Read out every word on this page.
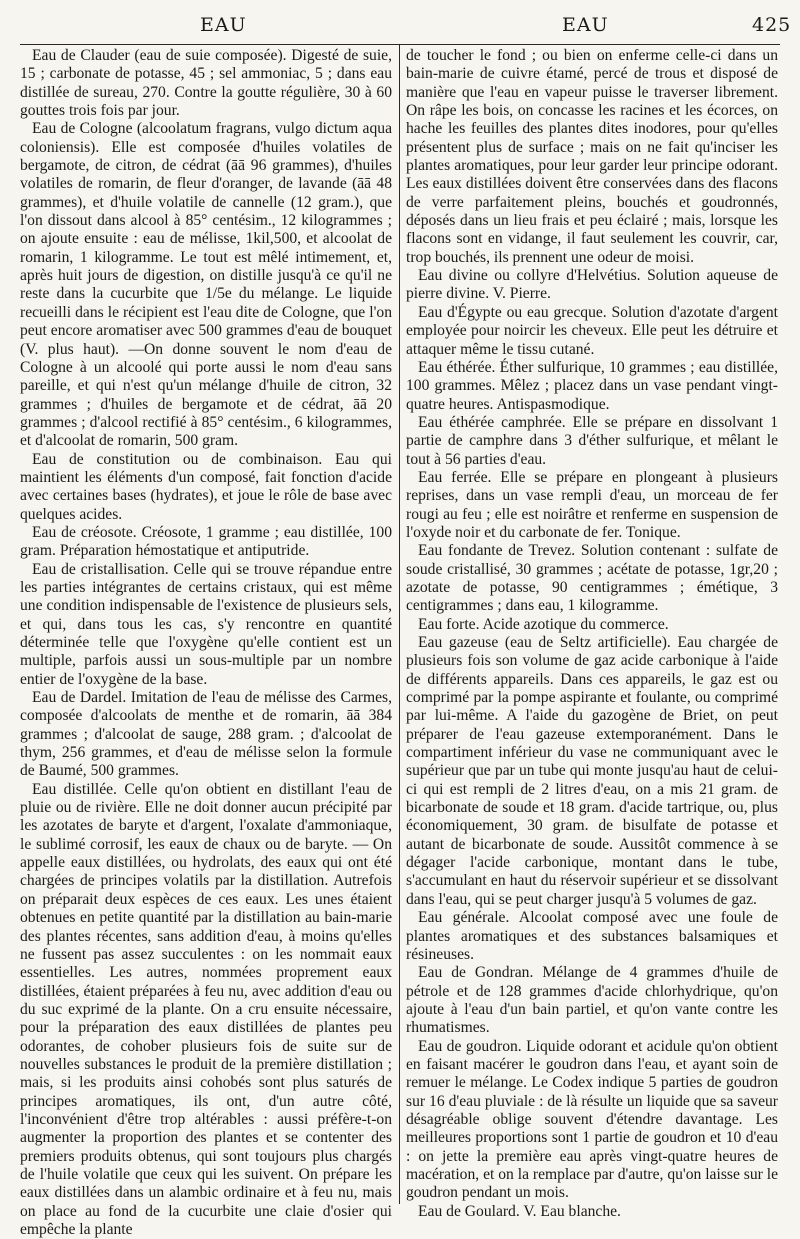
EAU	EAU	425

Eau de Clauder (eau de suie composée). Digesté de suie, 15 ; carbonate de potasse, 45 ; sel ammoniac, 5 ; dans eau distillée de sureau, 270. Contre la goutte régulière, 30 à 60 gouttes trois fois par jour.

Eau de Cologne (alcoolatum fragrans, vulgo dictum aqua coloniensis). Elle est composée d'huiles volatiles de bergamote, de citron, de cédrat (āā 96 grammes), d'huiles volatiles de romarin, de fleur d'oranger, de lavande (āā 48 grammes), et d'huile volatile de cannelle (12 gram.), que l'on dissout dans alcool à 85° centésim., 12 kilogrammes ; on ajoute ensuite : eau de mélisse, 1kil,500, et alcoolat de romarin, 1 kilogramme. Le tout est mêlé intimement, et, après huit jours de digestion, on distille jusqu'à ce qu'il ne reste dans la cucurbite que 1/5e du mélange. Le liquide recueilli dans le récipient est l'eau dite de Cologne, que l'on peut encore aromatiser avec 500 grammes d'eau de bouquet (V. plus haut). —On donne souvent le nom d'eau de Cologne à un alcoolé qui porte aussi le nom d'eau sans pareille, et qui n'est qu'un mélange d'huile de citron, 32 grammes ; d'huiles de bergamote et de cédrat, āā 20 grammes ; d'alcool rectifié à 85° centésim., 6 kilogrammes, et d'alcoolat de romarin, 500 gram.

Eau de constitution ou de combinaison. Eau qui maintient les éléments d'un composé, fait fonction d'acide avec certaines bases (hydrates), et joue le rôle de base avec quelques acides.

Eau de créosote. Créosote, 1 gramme ; eau distillée, 100 gram. Préparation hémostatique et antiputride.

Eau de cristallisation. Celle qui se trouve répandue entre les parties intégrantes de certains cristaux, qui est même une condition indispensable de l'existence de plusieurs sels, et qui, dans tous les cas, s'y rencontre en quantité déterminée telle que l'oxygène qu'elle contient est un multiple, parfois aussi un sous-multiple par un nombre entier de l'oxygène de la base.

Eau de Dardel. Imitation de l'eau de mélisse des Carmes, composée d'alcoolats de menthe et de romarin, āā 384 grammes ; d'alcoolat de sauge, 288 gram. ; d'alcoolat de thym, 256 grammes, et d'eau de mélisse selon la formule de Baumé, 500 grammes.

Eau distillée. Celle qu'on obtient en distillant l'eau de pluie ou de rivière. Elle ne doit donner aucun précipité par les azotates de baryte et d'argent, l'oxalate d'ammoniaque, le sublimé corrosif, les eaux de chaux ou de baryte. — On appelle eaux distillées, ou hydrolats, des eaux qui ont été chargées de principes volatils par la distillation. Autrefois on préparait deux espèces de ces eaux. Les unes étaient obtenues en petite quantité par la distillation au bain-marie des plantes récentes, sans addition d'eau, à moins qu'elles ne fussent pas assez succulentes : on les nommait eaux essentielles. Les autres, nommées proprement eaux distillées, étaient préparées à feu nu, avec addition d'eau ou du suc exprimé de la plante. On a cru ensuite nécessaire, pour la préparation des eaux distillées de plantes peu odorantes, de cohober plusieurs fois de suite sur de nouvelles substances le produit de la première distillation ; mais, si les produits ainsi cohobés sont plus saturés de principes aromatiques, ils ont, d'un autre côté, l'inconvénient d'être trop altérables : aussi préfère-t-on augmenter la proportion des plantes et se contenter des premiers produits obtenus, qui sont toujours plus chargés de l'huile volatile que ceux qui les suivent. On prépare les eaux distillées dans un alambic ordinaire et à feu nu, mais on place au fond de la cucurbite une claie d'osier qui empêche la plante

de toucher le fond ; ou bien on enferme celle-ci dans un bain-marie de cuivre étamé, percé de trous et disposé de manière que l'eau en vapeur puisse le traverser librement. On râpe les bois, on concasse les racines et les écorces, on hache les feuilles des plantes dites inodores, pour qu'elles présentent plus de surface ; mais on ne fait qu'inciser les plantes aromatiques, pour leur garder leur principe odorant. Les eaux distillées doivent être conservées dans des flacons de verre parfaitement pleins, bouchés et goudronnés, déposés dans un lieu frais et peu éclairé ; mais, lorsque les flacons sont en vidange, il faut seulement les couvrir, car, trop bouchés, ils prennent une odeur de moisi.

Eau divine ou collyre d'Helvétius. Solution aqueuse de pierre divine. V. Pierre.

Eau d'Égypte ou eau grecque. Solution d'azotate d'argent employée pour noircir les cheveux. Elle peut les détruire et attaquer même le tissu cutané.

Eau éthérée. Éther sulfurique, 10 grammes ; eau distillée, 100 grammes. Mêlez ; placez dans un vase pendant vingt-quatre heures. Antispasmodique.

Eau éthérée camphrée. Elle se prépare en dissolvant 1 partie de camphre dans 3 d'éther sulfurique, et mêlant le tout à 56 parties d'eau.

Eau ferrée. Elle se prépare en plongeant à plusieurs reprises, dans un vase rempli d'eau, un morceau de fer rougi au feu ; elle est noirâtre et renferme en suspension de l'oxyde noir et du carbonate de fer. Tonique.

Eau fondante de Trevez. Solution contenant : sulfate de soude cristallisé, 30 grammes ; acétate de potasse, 1gr,20 ; azotate de potasse, 90 centigrammes ; émétique, 3 centigrammes ; dans eau, 1 kilogramme.

Eau forte. Acide azotique du commerce.

Eau gazeuse (eau de Seltz artificielle). Eau chargée de plusieurs fois son volume de gaz acide carbonique à l'aide de différents appareils. Dans ces appareils, le gaz est ou comprimé par la pompe aspirante et foulante, ou comprimé par lui-même. A l'aide du gazogène de Briet, on peut préparer de l'eau gazeuse extemporanément. Dans le compartiment inférieur du vase ne communiquant avec le supérieur que par un tube qui monte jusqu'au haut de celui-ci qui est rempli de 2 litres d'eau, on a mis 21 gram. de bicarbonate de soude et 18 gram. d'acide tartrique, ou, plus économiquement, 30 gram. de bisulfate de potasse et autant de bicarbonate de soude. Aussitôt commence à se dégager l'acide carbonique, montant dans le tube, s'accumulant en haut du réservoir supérieur et se dissolvant dans l'eau, qui se peut charger jusqu'à 5 volumes de gaz.

Eau générale. Alcoolat composé avec une foule de plantes aromatiques et des substances balsamiques et résineuses.

Eau de Gondran. Mélange de 4 grammes d'huile de pétrole et de 128 grammes d'acide chlorhydrique, qu'on ajoute à l'eau d'un bain partiel, et qu'on vante contre les rhumatismes.

Eau de goudron. Liquide odorant et acidule qu'on obtient en faisant macérer le goudron dans l'eau, et ayant soin de remuer le mélange. Le Codex indique 5 parties de goudron sur 16 d'eau pluviale : de là résulte un liquide que sa saveur désagréable oblige souvent d'étendre davantage. Les meilleures proportions sont 1 partie de goudron et 10 d'eau : on jette la première eau après vingt-quatre heures de macération, et on la remplace par d'autre, qu'on laisse sur le goudron pendant un mois.

Eau de Goulard. V. Eau blanche.
